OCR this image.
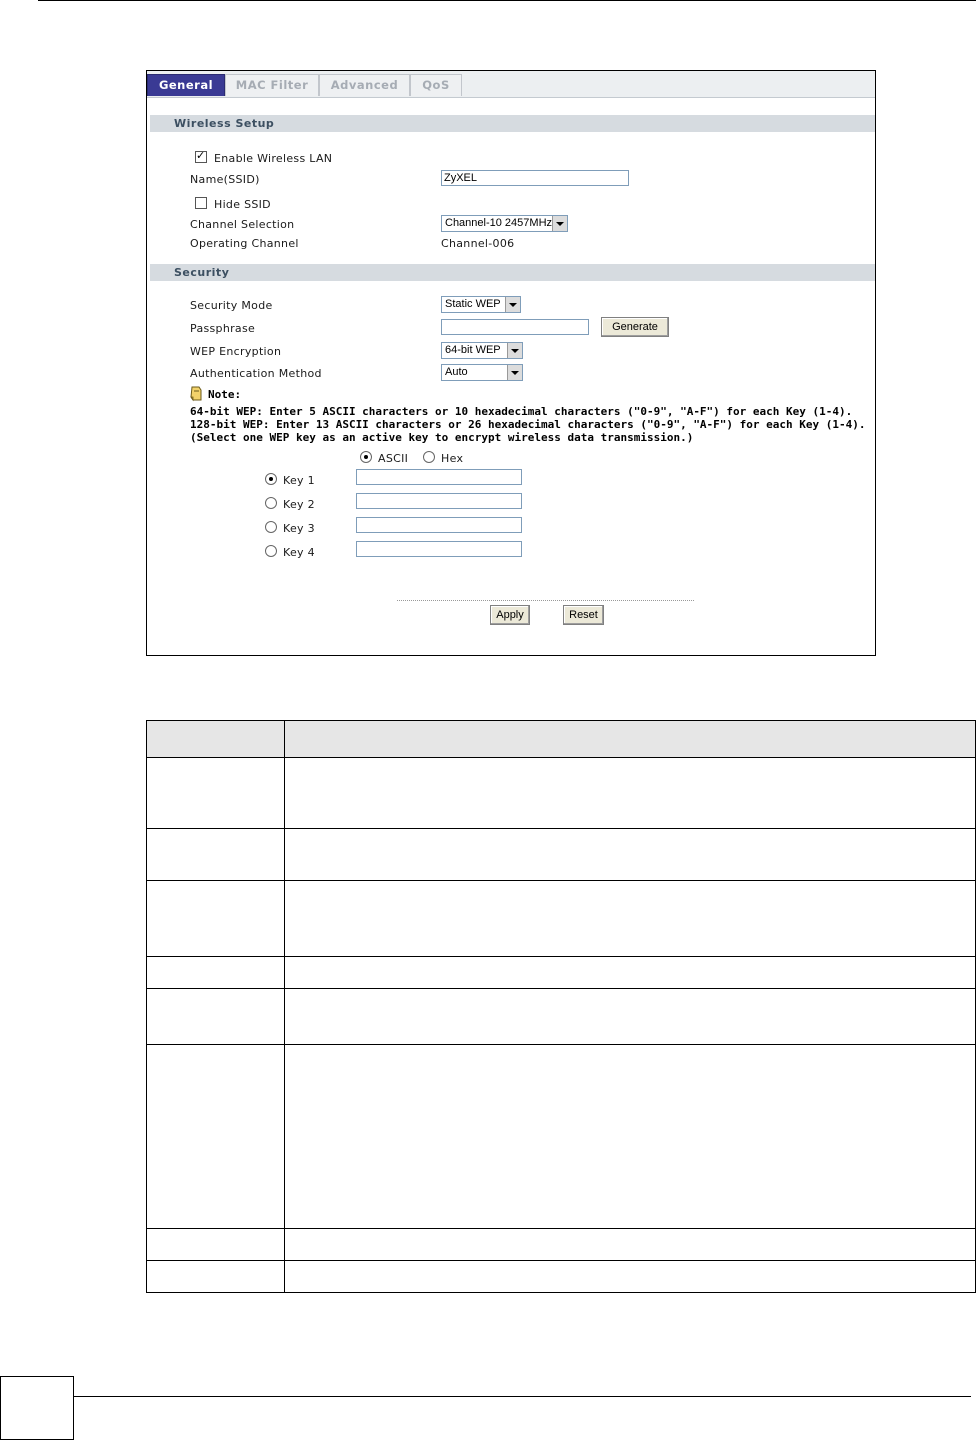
General	MAC Filter	Advanced	QoS
Wireless Setup
✓
Enable Wireless LAN
Name(SSID)	ZyXEL
Hide SSID
Channel Selection	Channel-10 2457MHz
Operating Channel	Channel-006
Security
Security Mode	Static WEP
Passphrase	Generate
WEP Encryption	64-bit WEP
Authentication Method	Auto
Note:
64-bit WEP: Enter 5 ASCII characters or 10 hexadecimal characters ("0-9", "A-F") for each Key (1-4).
128-bit WEP: Enter 13 ASCII characters or 26 hexadecimal characters ("0-9", "A-F") for each Key (1-4).
(Select one WEP key as an active key to encrypt wireless data transmission.)
ASCII	Hex
Key 1
Key 2
Key 3
Key 4
Apply	Reset
